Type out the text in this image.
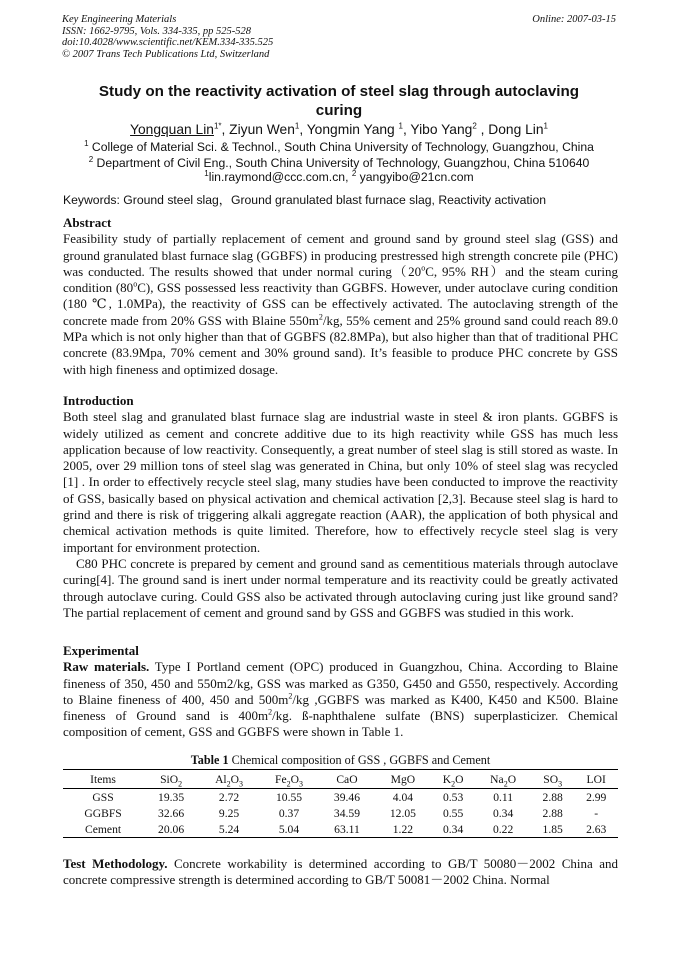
Key Engineering Materials
ISSN: 1662-9795, Vols. 334-335, pp 525-528
doi:10.4028/www.scientific.net/KEM.334-335.525
© 2007 Trans Tech Publications Ltd, Switzerland
Online: 2007-03-15
Study on the reactivity activation of steel slag through autoclaving
curing
Yongquan Lin$^{1*}$, Ziyun Wen$^1$, Yongmin Yang $^1$, Yibo Yang$^2$ , Dong Lin$^1$
$^1$ College of Material Sci. & Technol., South China University of Technology, Guangzhou, China
$^2$ Department of Civil Eng., South China University of Technology, Guangzhou, China 510640
$^1$lin.raymond@ccc.com.cn, $^2$ yangyibo@21cn.com
Keywords: Ground steel slag，Ground granulated blast furnace slag, Reactivity activation
Abstract
Feasibility study of partially replacement of cement and ground sand by ground steel slag (GSS) and ground granulated blast furnace slag (GGBFS) in producing prestressed high strength concrete pile (PHC) was conducted. The results showed that under normal curing（20$^o$C, 95% RH）and the steam curing condition (80$^o$C), GSS possessed less reactivity than GGBFS. However, under autoclave curing condition (180 ℃, 1.0MPa), the reactivity of GSS can be effectively activated. The autoclaving strength of the concrete made from 20% GSS with Blaine $550m^2/kg$, 55% cement and 25% ground sand could reach 89.0 MPa which is not only higher than that of GGBFS (82.8MPa), but also higher than that of traditional PHC concrete (83.9Mpa, 70% cement and 30% ground sand). It’s feasible to produce PHC concrete by GSS with high fineness and optimized dosage.
Introduction
Both steel slag and granulated blast furnace slag are industrial waste in steel & iron plants. GGBFS is widely utilized as cement and concrete additive due to its high reactivity while GSS has much less application because of low reactivity. Consequently, a great number of steel slag is still stored as waste. In 2005, over 29 million tons of steel slag was generated in China, but only 10% of steel slag was recycled [1] . In order to effectively recycle steel slag, many studies have been conducted to improve the reactivity of GSS, basically based on physical activation and chemical activation [2,3]. Because steel slag is hard to grind and there is risk of triggering alkali aggregate reaction (AAR), the application of both physical and chemical activation methods is quite limited. Therefore, how to effectively recycle steel slag is very important for environment protection.
C80 PHC concrete is prepared by cement and ground sand as cementitious materials through autoclave curing[4]. The ground sand is inert under normal temperature and its reactivity could be greatly activated through autoclave curing. Could GSS also be activated through autoclaving curing just like ground sand? The partial replacement of cement and ground sand by GSS and GGBFS was studied in this work.
Experimental
Raw materials. Type I Portland cement (OPC) produced in Guangzhou, China. According to Blaine fineness of 350, 450 and 550m2/kg, GSS was marked as G350, G450 and G550, respectively. According to Blaine fineness of 400, 450 and $500m^2/kg$ ,GGBFS was marked as K400, K450 and K500. Blaine fineness of Ground sand is $400m^2/kg$. ß-naphthalene sulfate (BNS) superplasticizer. Chemical composition of cement, GSS and GGBFS were shown in Table 1.
Table 1 Chemical composition of GSS , GGBFS and Cement
Items	SiO$_2$	$Al_2O_3$	$Fe_2O_3$	CaO	MgO	$K_2O$	$Na_2O$	$SO_3$	LOI
GSS	19.35	2.72	10.55	39.46	4.04	0.53	0.11	2.88	2.99
GGBFS	32.66	9.25	0.37	34.59	12.05	0.55	0.34	2.88	-
Cement	20.06	5.24	5.04	63.11	1.22	0.34	0.22	1.85	2.63
Test Methodology. Concrete workability is determined according to GB/T 50080－2002 China and concrete compressive strength is determined according to GB/T 50081－2002 China. Normal
